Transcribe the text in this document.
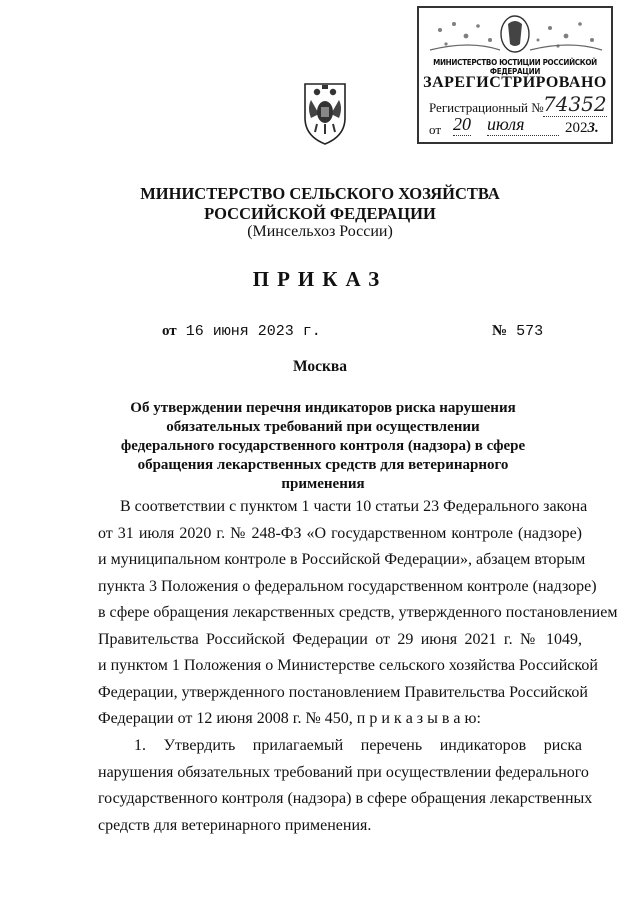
МИНИСТЕРСТВО ЮСТИЦИИ РОССИЙСКОЙ ФЕДЕРАЦИИ
ЗАРЕГИСТРИРОВАНО
Регистрационный № 74352
от 20 июля	2023.
МИНИСТЕРСТВО СЕЛЬСКОГО ХОЗЯЙСТВА
РОССИЙСКОЙ ФЕДЕРАЦИИ
(Минсельхоз России)
ПРИКАЗ
от 16 июня 2023 г.	№ 573
Москва
Об утверждении перечня индикаторов риска нарушения обязательных требований при осуществлении федерального государственного контроля (надзора) в сфере обращения лекарственных средств для ветеринарного применения
В соответствии с пунктом 1 части 10 статьи 23 Федерального закона
от 31 июля 2020 г. № 248-ФЗ «О государственном контроле (надзоре)
и муниципальном контроле в Российской Федерации», абзацем вторым
пункта 3 Положения о федеральном государственном контроле (надзоре)
в сфере обращения лекарственных средств, утвержденного постановлением
Правительства Российской Федерации от 29 июня 2021 г. № 1049,
и пунктом 1 Положения о Министерстве сельского хозяйства Российской
Федерации, утвержденного постановлением Правительства Российской
Федерации от 12 июня 2008 г. № 450, п р и к а з ы в а ю:
1. Утвердить прилагаемый перечень индикаторов риска
нарушения обязательных требований при осуществлении федерального
государственного контроля (надзора) в сфере обращения лекарственных
средств для ветеринарного применения.
